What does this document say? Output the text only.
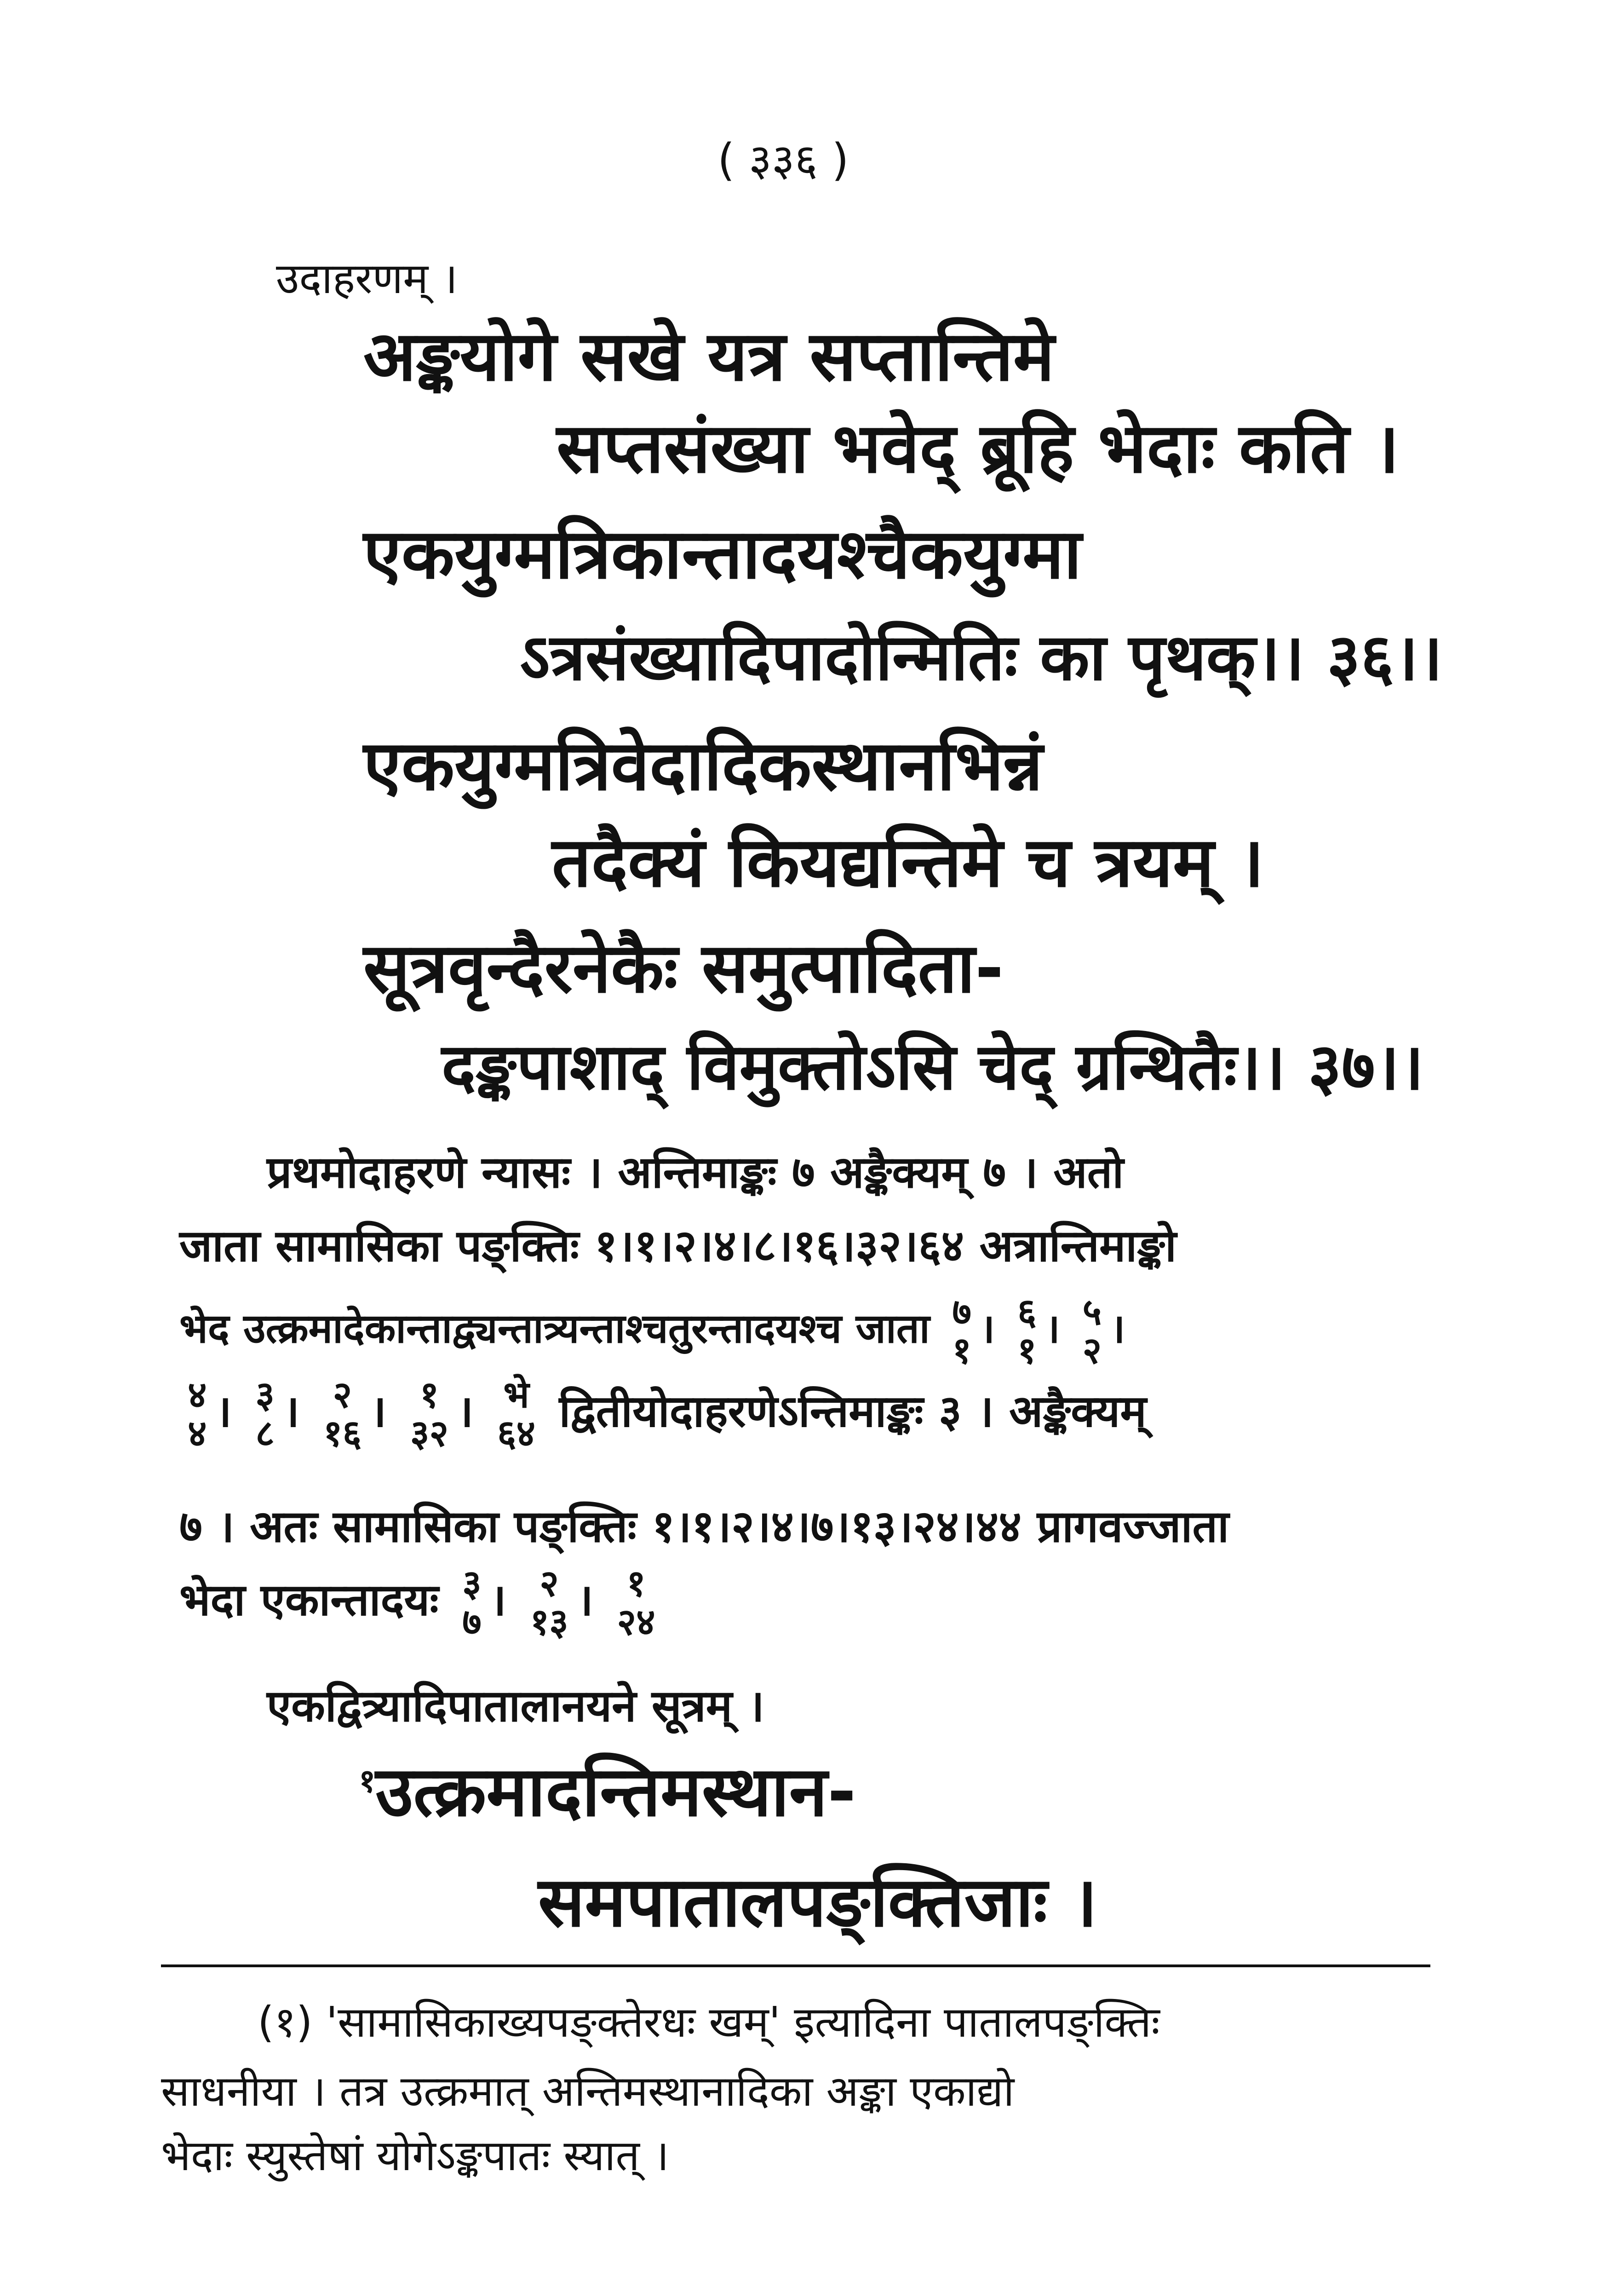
( ३३६ )
उदाहरणम् ।
अङ्कयोगे सखे यत्र सप्तान्तिमे
सप्तसंख्या भवेद् ब्रूहि भेदाः कति ।
एकयुग्मत्रिकान्तादयश्चैकयुग्मा
ऽत्रसंख्यादिपादोन्मितिः का पृथक्।। ३६।।
एकयुग्मत्रिवेदादिकस्थानभिन्नं
तदैक्यं कियद्यन्तिमे च त्रयम् ।
सूत्रवृन्दैरनेकैः समुत्पादिता-
दङ्कपाशाद् विमुक्तोऽसि चेद् ग्रन्थितैः।। ३७।।
प्रथमोदाहरणे न्यासः । अन्तिमाङ्कः ७ अङ्कैक्यम् ७ । अतो
जाता सामासिका पङ्क्तिः १।१।२।४।८।१६।३२।६४ अत्रान्तिमाङ्को
भेद उत्क्रमादेकान्ताद्व्यन्तात्र्यन्ताश्चतुरन्तादयश्च जाता ७
१ । ६
१ । ५
२ ।
४
४ । ३
८ । २
१६ । १
३२ । भे
६४ द्वितीयोदाहरणेऽन्तिमाङ्कः ३ । अङ्कैक्यम्
७ । अतः सामासिका पङ्क्तिः १।१।२।४।७।१३।२४।४४ प्रागवज्जाता
भेदा एकान्तादयः ३
७ । २
१३ । १
२४
एकद्वित्र्यादिपातालानयने सूत्रम् ।
$^१$उत्क्रमादन्तिमस्थान-
समपातालपङ्क्तिजाः ।
(१) 'सामासिकाख्यपङ्क्तेरधः खम्' इत्यादिना पातालपङ्क्तिः
साधनीया । तत्र उत्क्रमात् अन्तिमस्थानादिका अङ्का एकाद्यो
भेदाः स्युस्तेषां योगेऽङ्कपातः स्यात् ।
